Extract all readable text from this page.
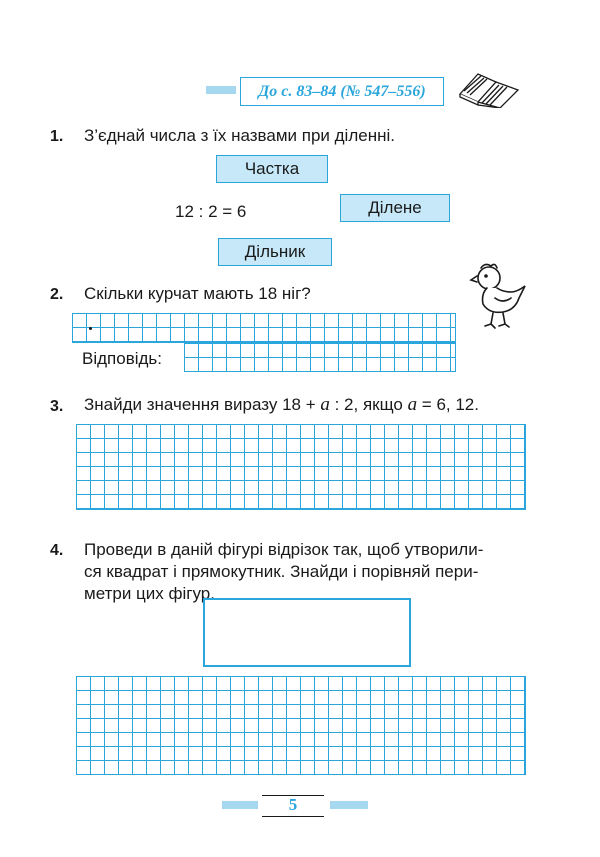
До с. 83–84 (№ 547–556)
1. З’єднай числа з їх назвами при діленні.
Частка
12 : 2 = 6	Ділене
Дільник
2. Скільки курчат мають 18 ніг?
Відповідь:
3. Знайди значення виразу 18 + a : 2, якщо a = 6, 12.
4. Проведи в даній фігурі відрізок так, щоб утворили-
ся квадрат і прямокутник. Знайди і порівняй пери-
метри цих фігур.
5
